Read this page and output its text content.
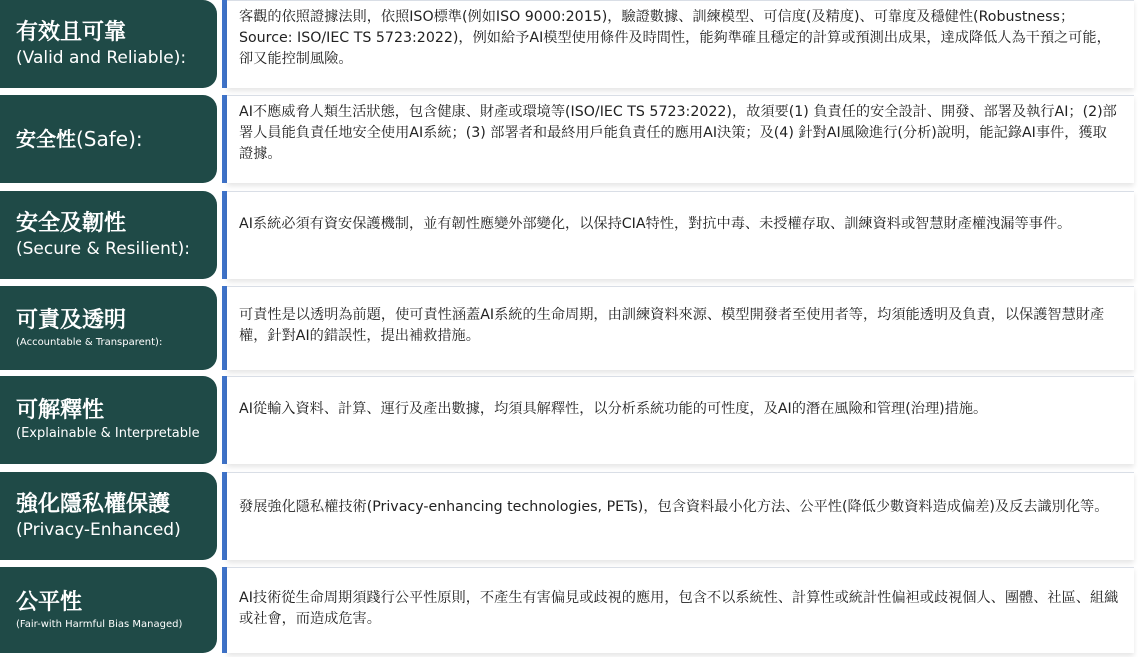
有效且可靠
(Valid and Reliable):
客觀的依照證據法則，依照ISO標準(例如ISO 9000:2015)，驗證數據、訓練模型、可信度(及精度)、可靠度及穩健性(Robustness；Source: ISO/IEC TS 5723:2022)，例如給予AI模型使用條件及時間性，能夠準確且穩定的計算或預測出成果，達成降低人為干預之可能，卻又能控制風險。
安全性(Safe):
AI不應威脅人類生活狀態，包含健康、財產或環境等(ISO/IEC TS 5723:2022)，故須要(1) 負責任的安全設計、開發、部署及執行AI；(2)部署人員能負責任地安全使用AI系統；(3) 部署者和最終用戶能負責任的應用AI決策；及(4) 針對AI風險進行(分析)說明，能記錄AI事件，獲取證據。
安全及韌性
(Secure & Resilient):
AI系統必須有資安保護機制，並有韌性應變外部變化，以保持CIA特性，對抗中毒、未授權存取、訓練資料或智慧財產權洩漏等事件。
可責及透明
(Accountable & Transparent):
可責性是以透明為前題，使可責性涵蓋AI系統的生命周期，由訓練資料來源、模型開發者至使用者等，均須能透明及負責，以保護智慧財產權，針對AI的錯誤性，提出補救措施。
可解釋性
(Explainable & Interpretable
AI從輸入資料、計算、運行及產出數據，均須具解釋性，以分析系統功能的可性度，及AI的潛在風險和管理(治理)措施。
強化隱私權保護
(Privacy-Enhanced)
發展強化隱私權技術(Privacy-enhancing technologies, PETs)，包含資料最小化方法、公平性(降低少數資料造成偏差)及反去識別化等。
公平性
(Fair-with Harmful Bias Managed)
AI技術從生命周期須踐行公平性原則，不產生有害偏見或歧視的應用，包含不以系統性、計算性或統計性偏袒或歧視個人、團體、社區、組織或社會，而造成危害。
